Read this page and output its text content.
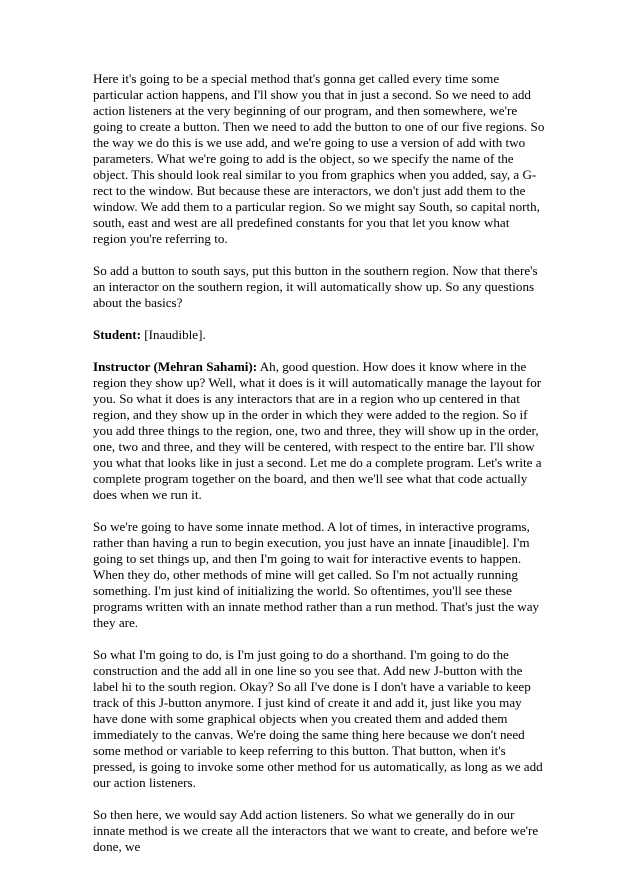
Here it's going to be a special method that's gonna get called every time some particular action happens, and I'll show you that in just a second. So we need to add action listeners at the very beginning of our program, and then somewhere, we're going to create a button. Then we need to add the button to one of our five regions. So the way we do this is we use add, and we're going to use a version of add with two parameters. What we're going to add is the object, so we specify the name of the object. This should look real similar to you from graphics when you added, say, a G-rect to the window. But because these are interactors, we don't just add them to the window. We add them to a particular region. So we might say South, so capital north, south, east and west are all predefined constants for you that let you know what region you're referring to.

So add a button to south says, put this button in the southern region. Now that there's an interactor on the southern region, it will automatically show up. So any questions about the basics?

Student: [Inaudible].

Instructor (Mehran Sahami): Ah, good question. How does it know where in the region they show up? Well, what it does is it will automatically manage the layout for you. So what it does is any interactors that are in a region who up centered in that region, and they show up in the order in which they were added to the region. So if you add three things to the region, one, two and three, they will show up in the order, one, two and three, and they will be centered, with respect to the entire bar. I'll show you what that looks like in just a second. Let me do a complete program. Let's write a complete program together on the board, and then we'll see what that code actually does when we run it.

So we're going to have some innate method. A lot of times, in interactive programs, rather than having a run to begin execution, you just have an innate [inaudible]. I'm going to set things up, and then I'm going to wait for interactive events to happen. When they do, other methods of mine will get called. So I'm not actually running something. I'm just kind of initializing the world. So oftentimes, you'll see these programs written with an innate method rather than a run method. That's just the way they are.

So what I'm going to do, is I'm just going to do a shorthand. I'm going to do the construction and the add all in one line so you see that. Add new J-button with the label hi to the south region. Okay? So all I've done is I don't have a variable to keep track of this J-button anymore. I just kind of create it and add it, just like you may have done with some graphical objects when you created them and added them immediately to the canvas. We're doing the same thing here because we don't need some method or variable to keep referring to this button. That button, when it's pressed, is going to invoke some other method for us automatically, as long as we add our action listeners.

So then here, we would say Add action listeners. So what we generally do in our innate method is we create all the interactors that we want to create, and before we're done, we
